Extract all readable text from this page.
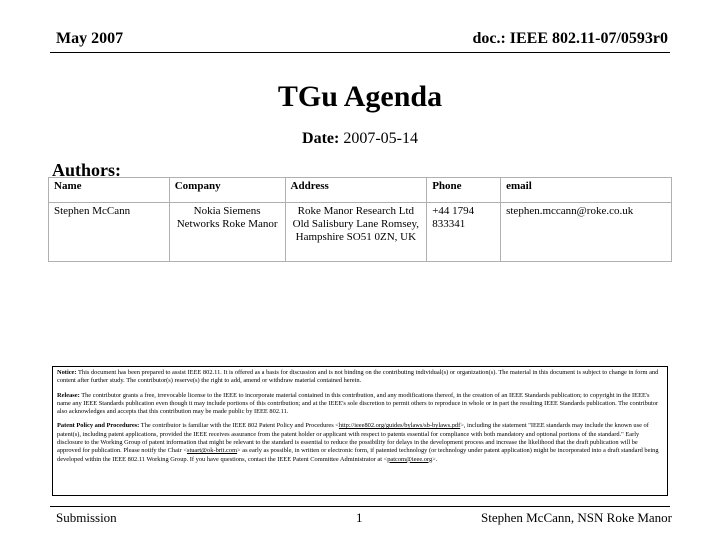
May 2007	doc.: IEEE 802.11-07/0593r0
TGu Agenda
Date: 2007-05-14
Authors:
Name	Company	Address	Phone	email
Stephen McCann	Nokia Siemens Networks Roke Manor	Roke Manor Research Ltd Old Salisbury Lane Romsey, Hampshire SO51 0ZN, UK	+44 1794 833341	stephen.mccann@roke.co.uk

Notice: This document has been prepared to assist IEEE 802.11. It is offered as a basis for discussion and is not binding on the contributing individual(s) or organization(s). The material in this document is subject to change in form and content after further study. The contributor(s) reserve(s) the right to add, amend or withdraw material contained herein.

Release: The contributor grants a free, irrevocable license to the IEEE to incorporate material contained in this contribution, and any modifications thereof, in the creation of an IEEE Standards publication; to copyright in the IEEE's name any IEEE Standards publication even though it may include portions of this contribution; and at the IEEE's sole discretion to permit others to reproduce in whole or in part the resulting IEEE Standards publication. The contributor also acknowledges and accepts that this contribution may be made public by IEEE 802.11.

Patent Policy and Procedures: The contributor is familiar with the IEEE 802 Patent Policy and Procedures <http://ieee802.org/guides/bylaws/sb-bylaws.pdf>, including the statement "IEEE standards may include the known use of patent(s), including patent applications, provided the IEEE receives assurance from the patent holder or applicant with respect to patents essential for compliance with both mandatory and optional portions of the standard." Early disclosure to the Working Group of patent information that might be relevant to the standard is essential to reduce the possibility for delays in the development process and increase the likelihood that the draft publication will be approved for publication. Please notify the Chair <stuart@ok-brit.com> as early as possible, in written or electronic form, if patented technology (or technology under patent application) might be incorporated into a draft standard being developed within the IEEE 802.11 Working Group. If you have questions, contact the IEEE Patent Committee Administrator at <patcom@ieee.org>.

Submission	1	Stephen McCann, NSN Roke Manor
